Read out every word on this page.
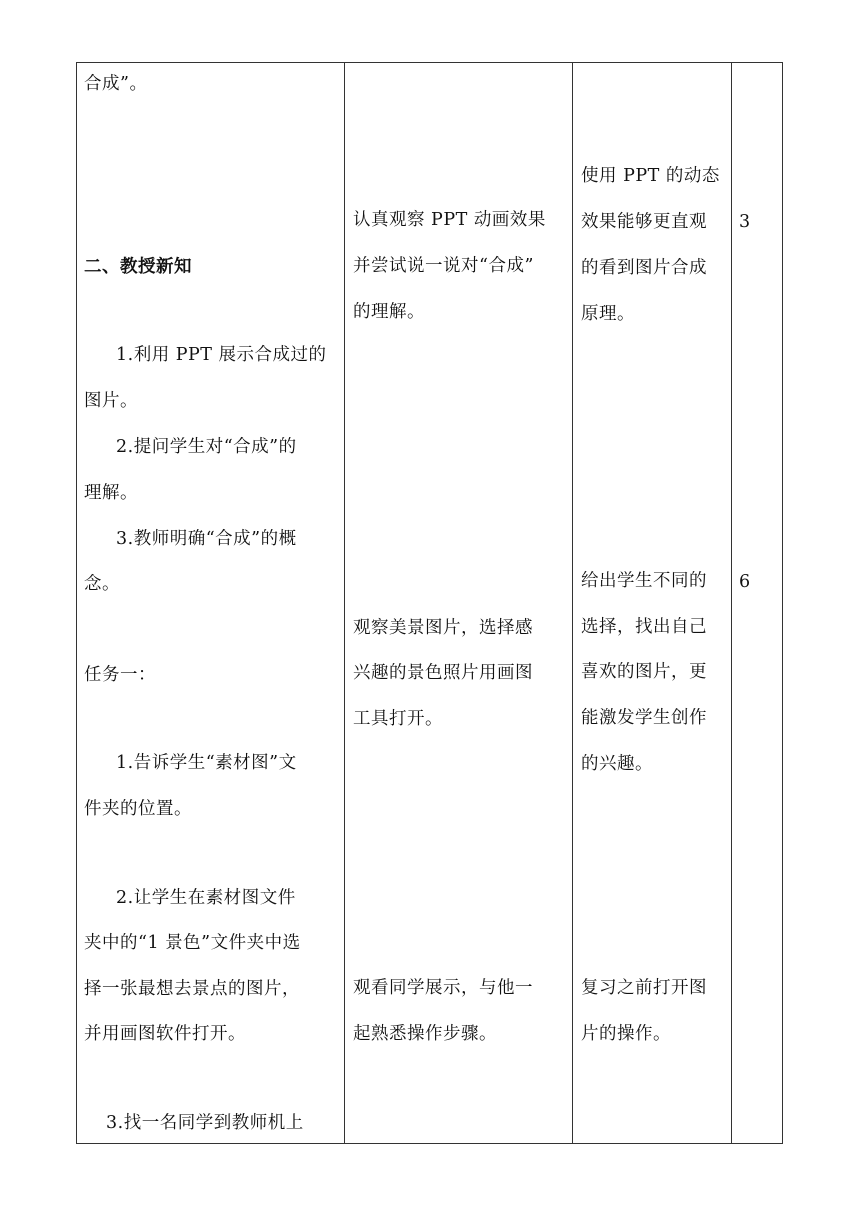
合成”。
二、教授新知
1.利用 PPT 展示合成过的
图片。
2.提问学生对“合成”的
理解。
3.教师明确“合成”的概
念。
任务一：
1.告诉学生“素材图”文
件夹的位置。
2.让学生在素材图文件
夹中的“1 景色”文件夹中选
择一张最想去景点的图片，
并用画图软件打开。
3.找一名同学到教师机上
认真观察 PPT 动画效果
并尝试说一说对“合成”
的理解。
观察美景图片，选择感
兴趣的景色照片用画图
工具打开。
观看同学展示，与他一
起熟悉操作步骤。
使用 PPT 的动态
效果能够更直观
的看到图片合成
原理。
给出学生不同的
选择，找出自己
喜欢的图片，更
能激发学生创作
的兴趣。
复习之前打开图
片的操作。
3
6
